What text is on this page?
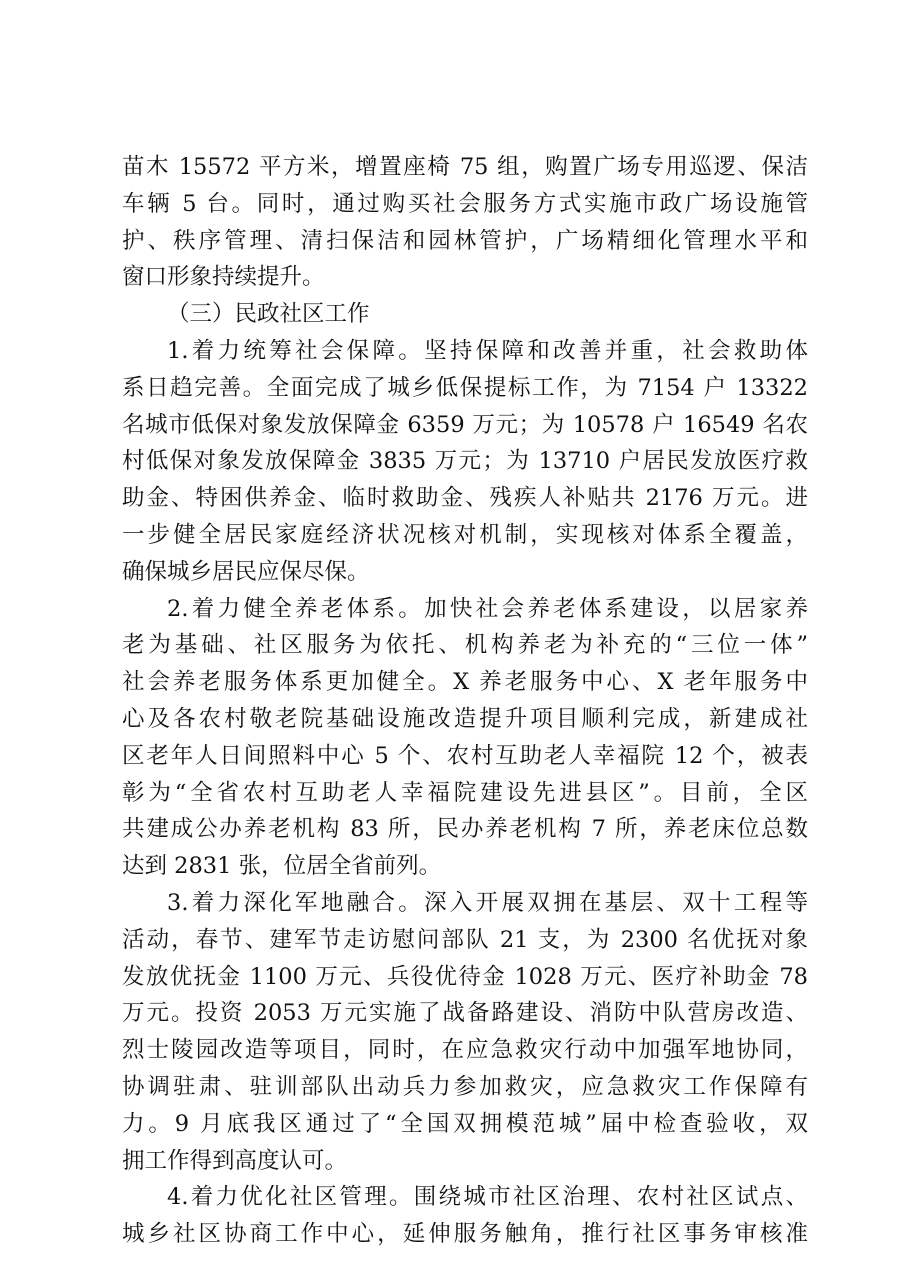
苗木 15572 平方米，增置座椅 75 组，购置广场专用巡逻、保洁
车辆 5 台。同时，通过购买社会服务方式实施市政广场设施管
护、秩序管理、清扫保洁和园林管护，广场精细化管理水平和
窗口形象持续提升。
（三）民政社区工作
1.着力统筹社会保障。坚持保障和改善并重，社会救助体
系日趋完善。全面完成了城乡低保提标工作，为 7154 户 13322
名城市低保对象发放保障金 6359 万元；为 10578 户 16549 名农
村低保对象发放保障金 3835 万元；为 13710 户居民发放医疗救
助金、特困供养金、临时救助金、残疾人补贴共 2176 万元。进
一步健全居民家庭经济状况核对机制，实现核对体系全覆盖，
确保城乡居民应保尽保。
2.着力健全养老体系。加快社会养老体系建设，以居家养
老为基础、社区服务为依托、机构养老为补充的“三位一体”
社会养老服务体系更加健全。X 养老服务中心、X 老年服务中
心及各农村敬老院基础设施改造提升项目顺利完成，新建成社
区老年人日间照料中心 5 个、农村互助老人幸福院 12 个，被表
彰为“全省农村互助老人幸福院建设先进县区”。目前，全区
共建成公办养老机构 83 所，民办养老机构 7 所，养老床位总数
达到 2831 张，位居全省前列。
3.着力深化军地融合。深入开展双拥在基层、双十工程等
活动，春节、建军节走访慰问部队 21 支，为 2300 名优抚对象
发放优抚金 1100 万元、兵役优待金 1028 万元、医疗补助金 78
万元。投资 2053 万元实施了战备路建设、消防中队营房改造、
烈士陵园改造等项目，同时，在应急救灾行动中加强军地协同，
协调驻肃、驻训部队出动兵力参加救灾，应急救灾工作保障有
力。9 月底我区通过了“全国双拥模范城”届中检查验收，双
拥工作得到高度认可。
4.着力优化社区管理。围绕城市社区治理、农村社区试点、
城乡社区协商工作中心，延伸服务触角，推行社区事务审核准
